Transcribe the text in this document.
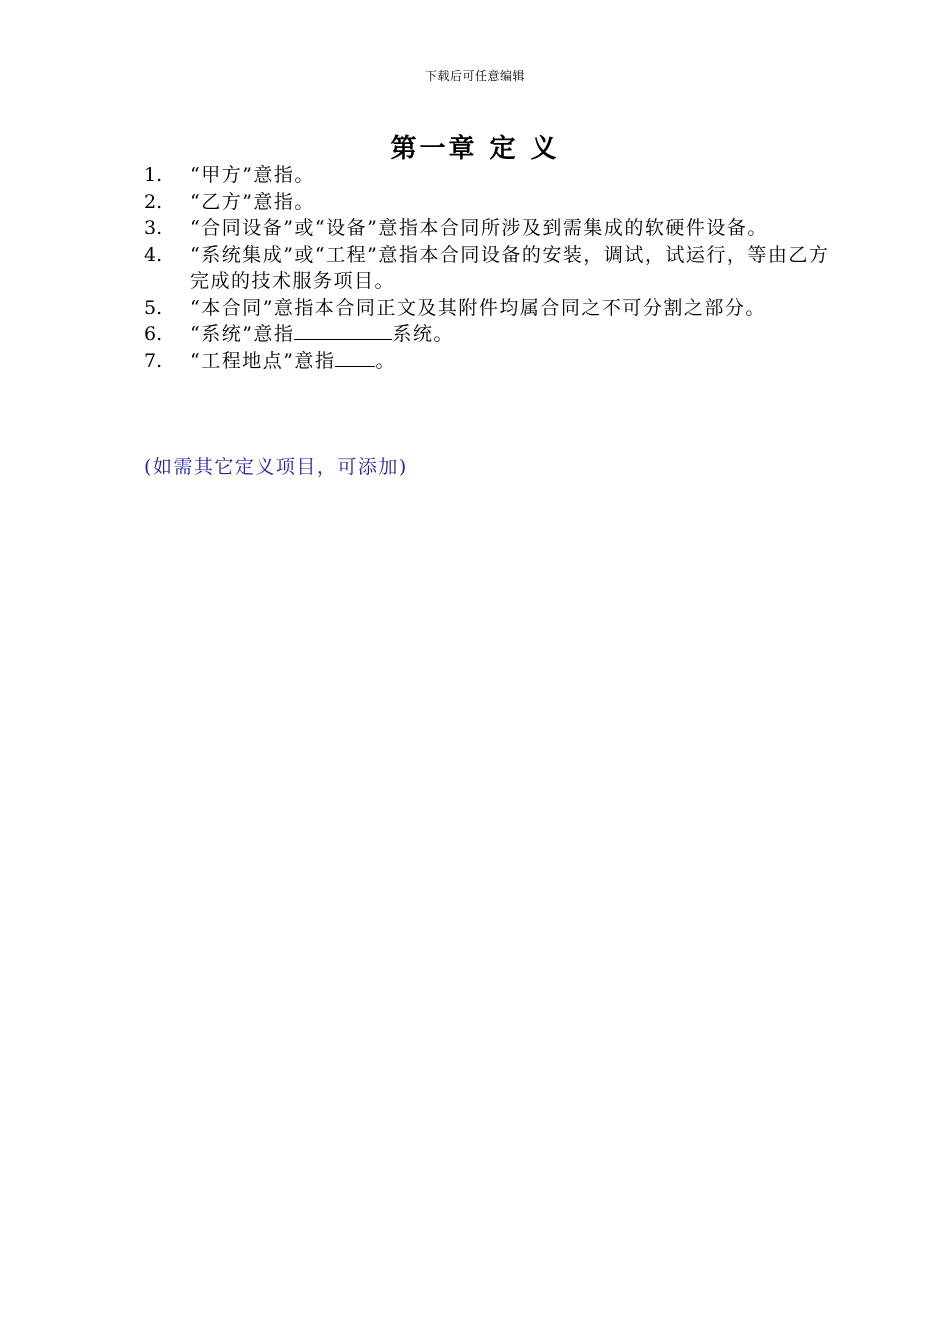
下载后可任意编辑
第一章 定 义
1. “甲方”意指。
2. “乙方”意指。
3. “合同设备”或“设备”意指本合同所涉及到需集成的软硬件设备。
4. “系统集成”或“工程”意指本合同设备的安装，调试，试运行，等由乙方完成的技术服务项目。
5. “本合同”意指本合同正文及其附件均属合同之不可分割之部分。
6. “系统”意指	系统。
7. “工程地点”意指 。
(如需其它定义项目，可添加)
